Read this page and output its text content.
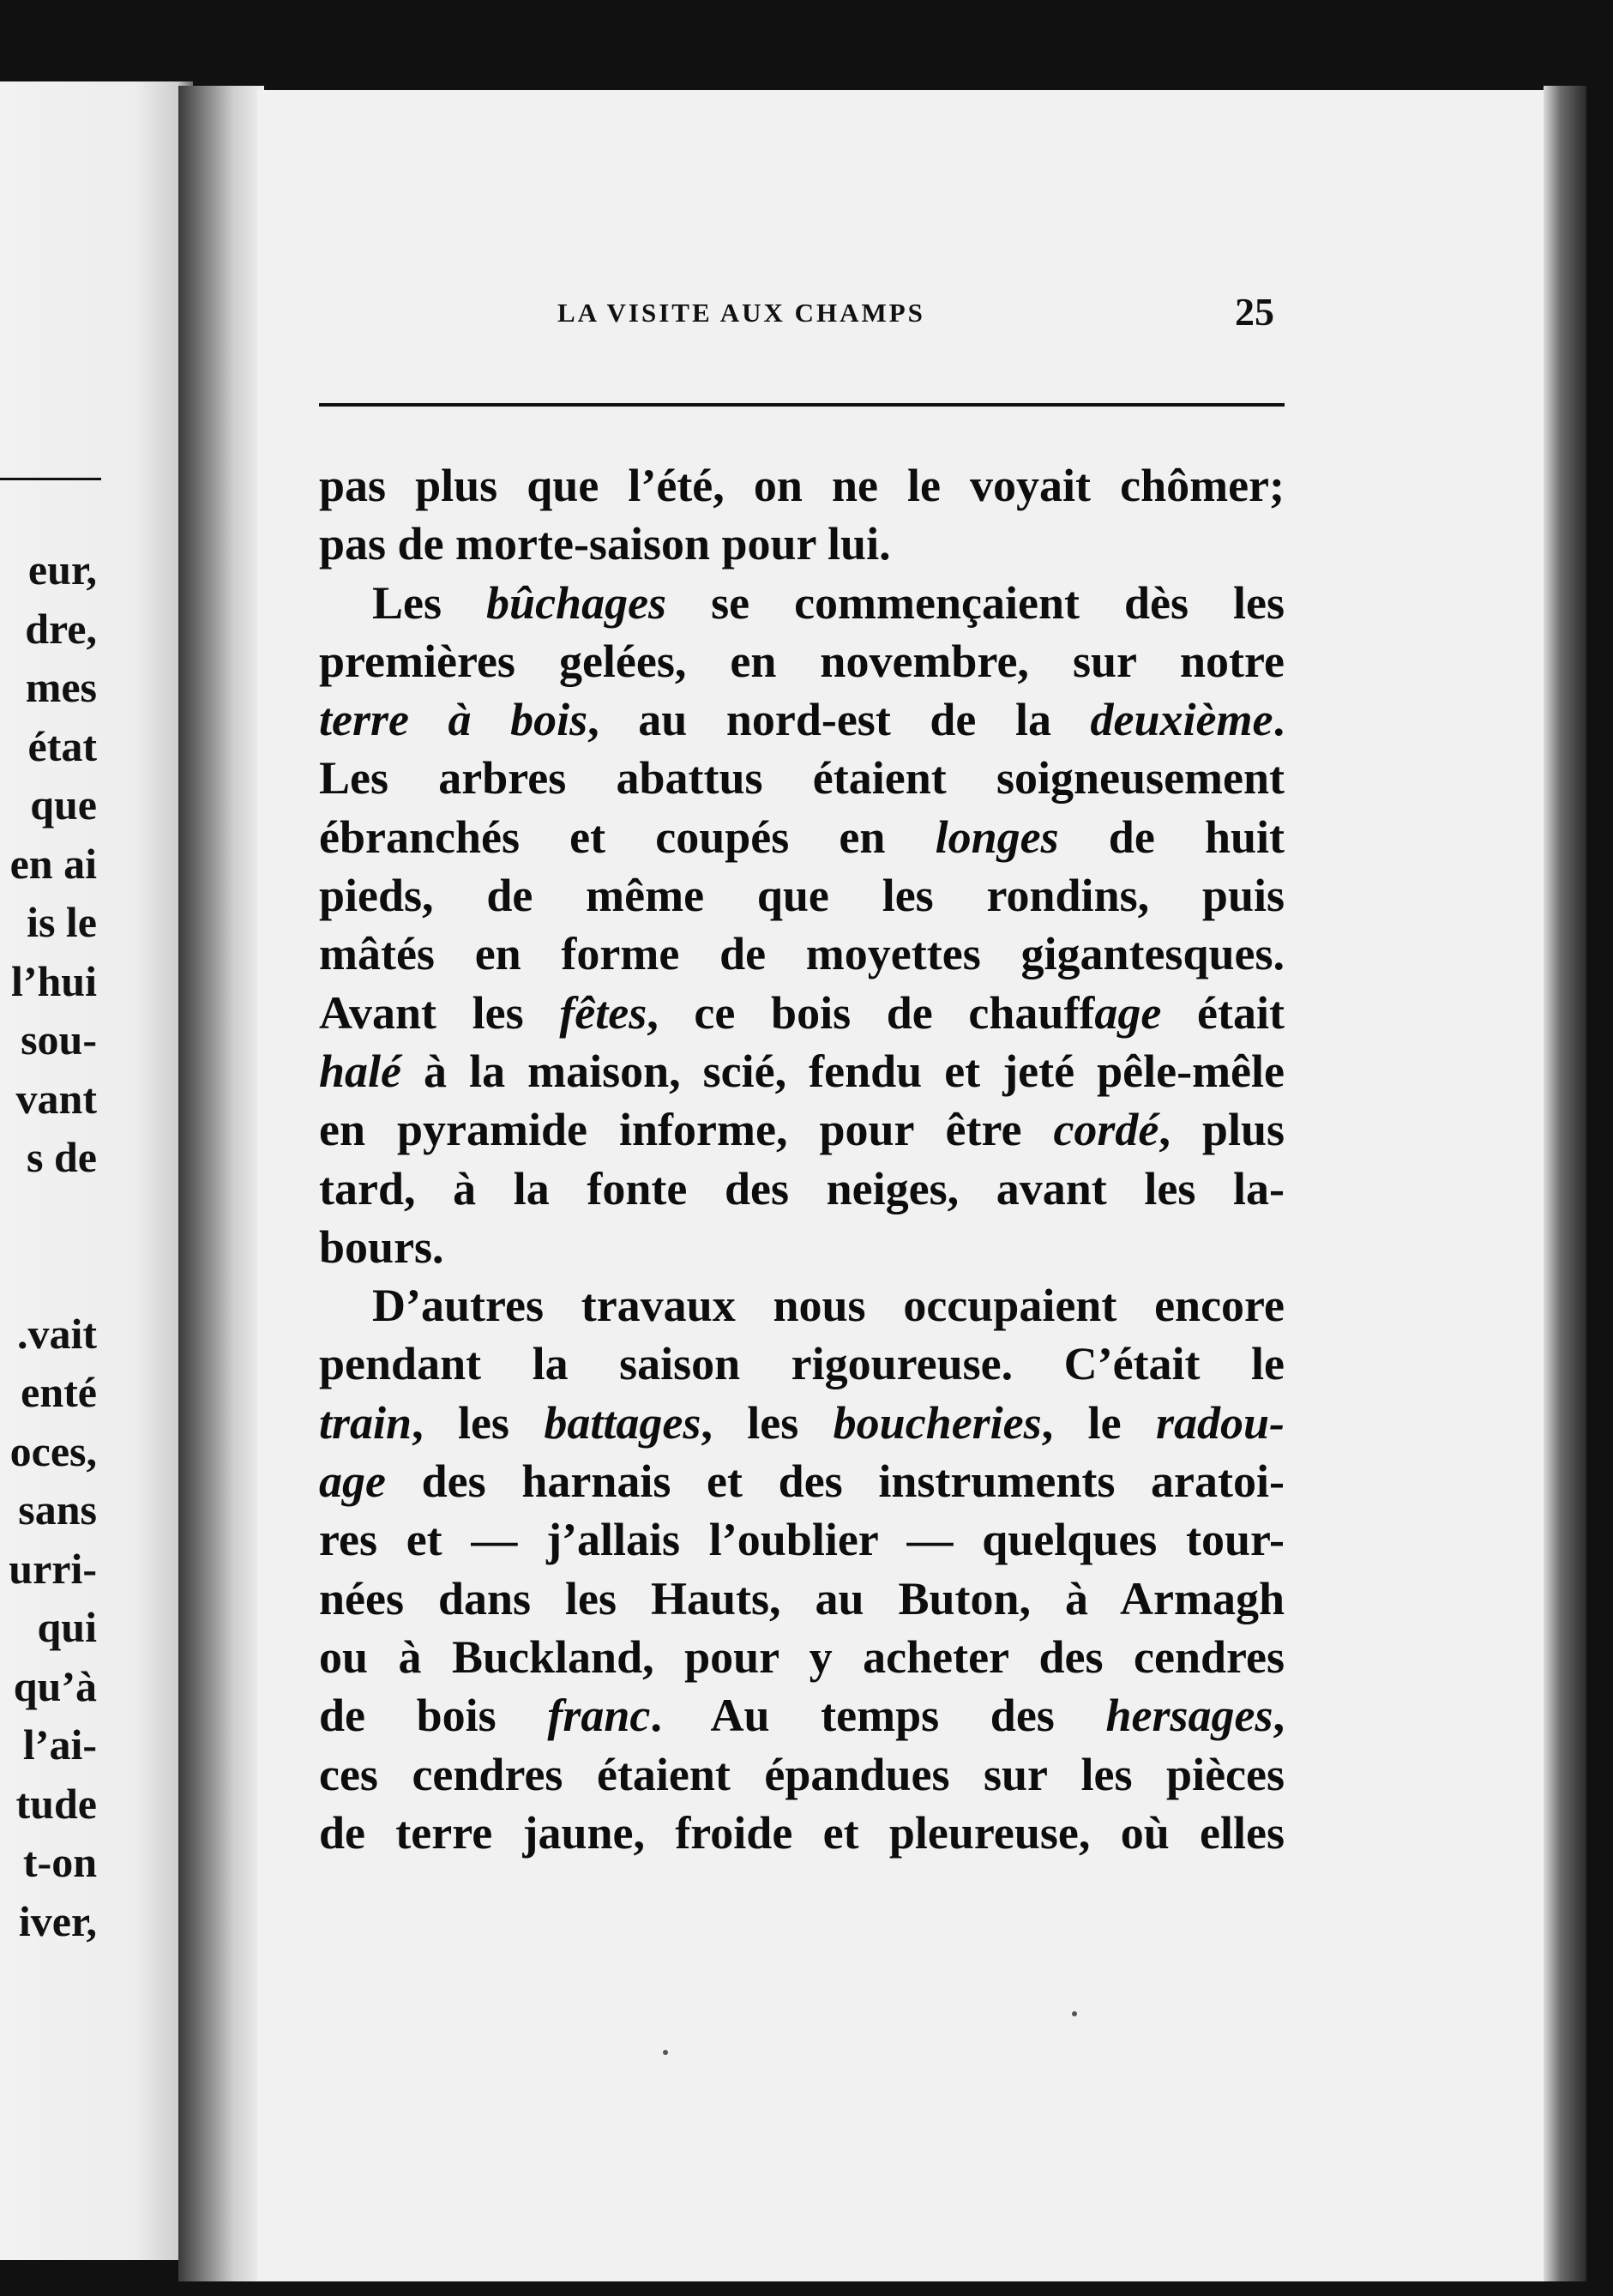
eur,
dre,
mes
état
que
en ai
is le
l’hui
sou-
vant
s de
.vait
enté
oces,
sans
urri-
qui
qu’à
l’ai-
tude
t-on
iver,
LA VISITE AUX CHAMPS	25
pas plus que l’été, on ne le voyait chômer;
pas de morte-saison pour lui.
Les bûchages se commençaient dès les
premières gelées, en novembre, sur notre
terre à bois, au nord-est de la deuxième.
Les arbres abattus étaient soigneusement
ébranchés et coupés en longes de huit
pieds, de même que les rondins, puis
mâtés en forme de moyettes gigantesques.
Avant les fêtes, ce bois de chauffage était
halé à la maison, scié, fendu et jeté pêle-mêle
en pyramide informe, pour être cordé, plus
tard, à la fonte des neiges, avant les la-
bours.
D’autres travaux nous occupaient encore
pendant la saison rigoureuse. C’était le
train, les battages, les boucheries, le radou-
age des harnais et des instruments aratoi-
res et — j’allais l’oublier — quelques tour-
nées dans les Hauts, au Buton, à Armagh
ou à Buckland, pour y acheter des cendres
de bois franc. Au temps des hersages,
ces cendres étaient épandues sur les pièces
de terre jaune, froide et pleureuse, où elles
